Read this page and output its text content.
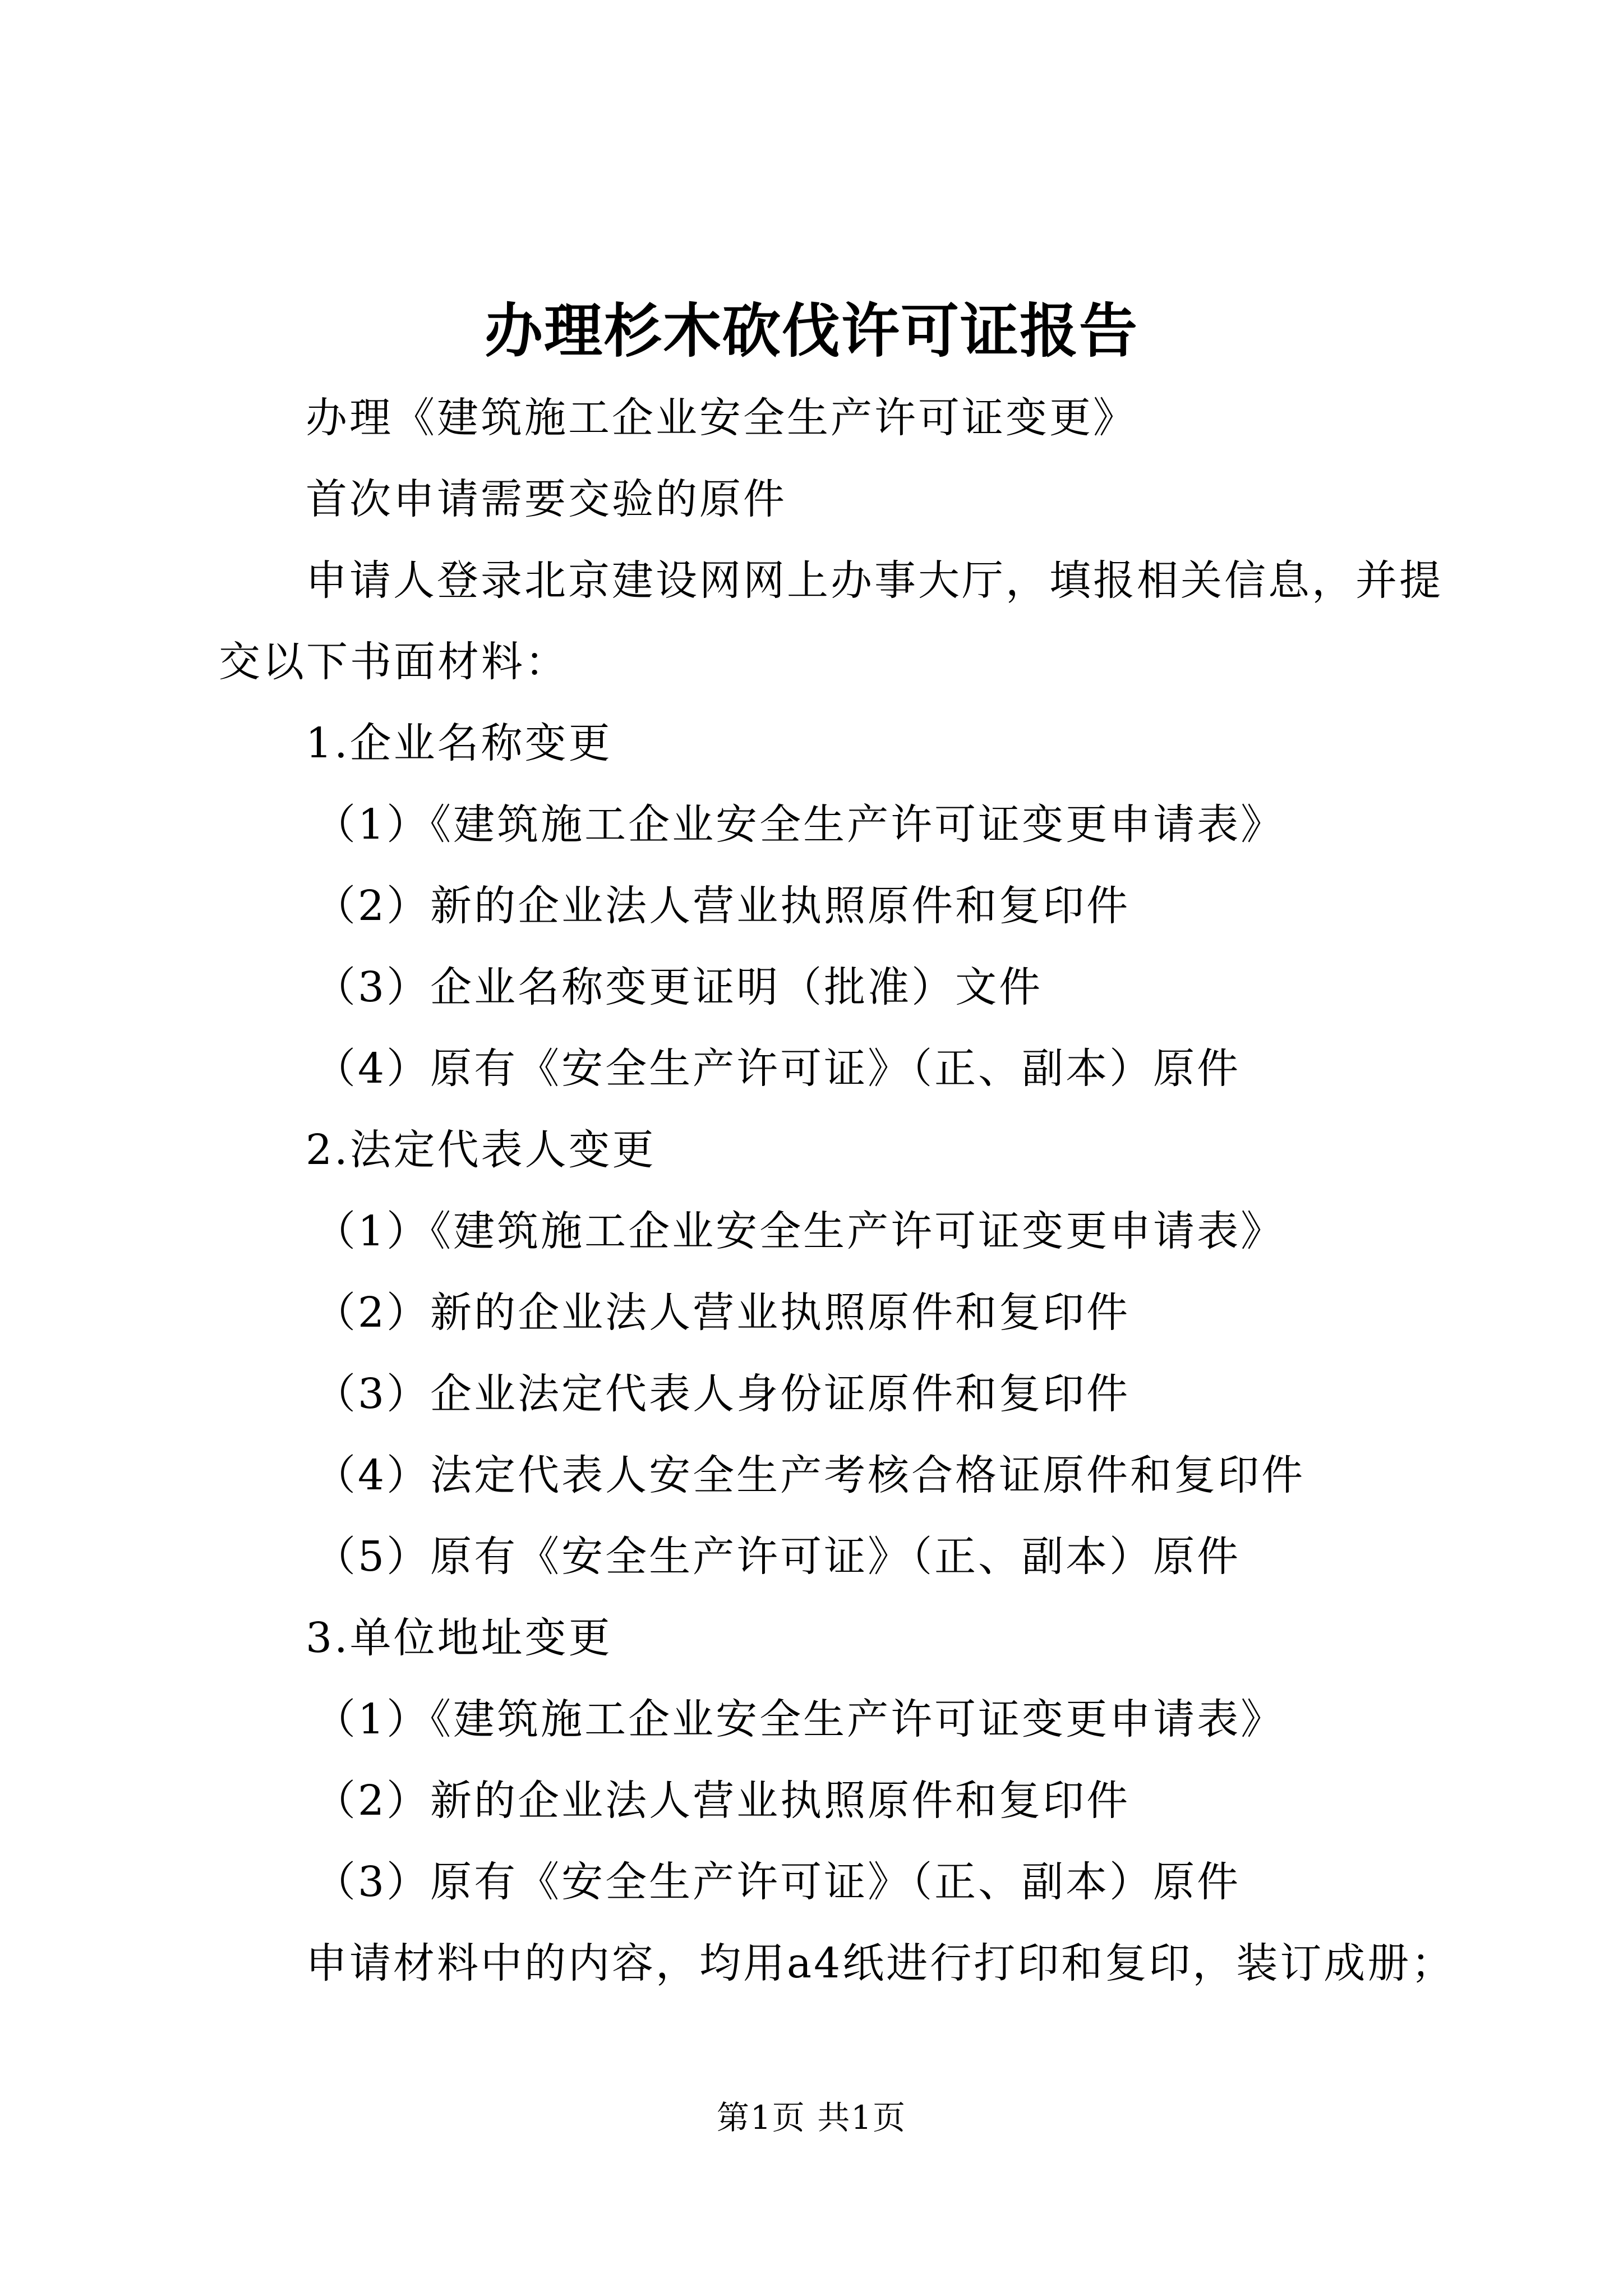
办理杉木砍伐许可证报告
办理《建筑施工企业安全生产许可证变更》
首次申请需要交验的原件
申请人登录北京建设网网上办事大厅，填报相关信息，并提
交以下书面材料：
1.企业名称变更
（1）《建筑施工企业安全生产许可证变更申请表》
（2）新的企业法人营业执照原件和复印件
（3）企业名称变更证明（批准）文件
（4）原有《安全生产许可证》（正、副本）原件
2.法定代表人变更
（1）《建筑施工企业安全生产许可证变更申请表》
（2）新的企业法人营业执照原件和复印件
（3）企业法定代表人身份证原件和复印件
（4）法定代表人安全生产考核合格证原件和复印件
（5）原有《安全生产许可证》（正、副本）原件
3.单位地址变更
（1）《建筑施工企业安全生产许可证变更申请表》
（2）新的企业法人营业执照原件和复印件
（3）原有《安全生产许可证》（正、副本）原件
申请材料中的内容，均用a4纸进行打印和复印，装订成册；
第1页 共1页
